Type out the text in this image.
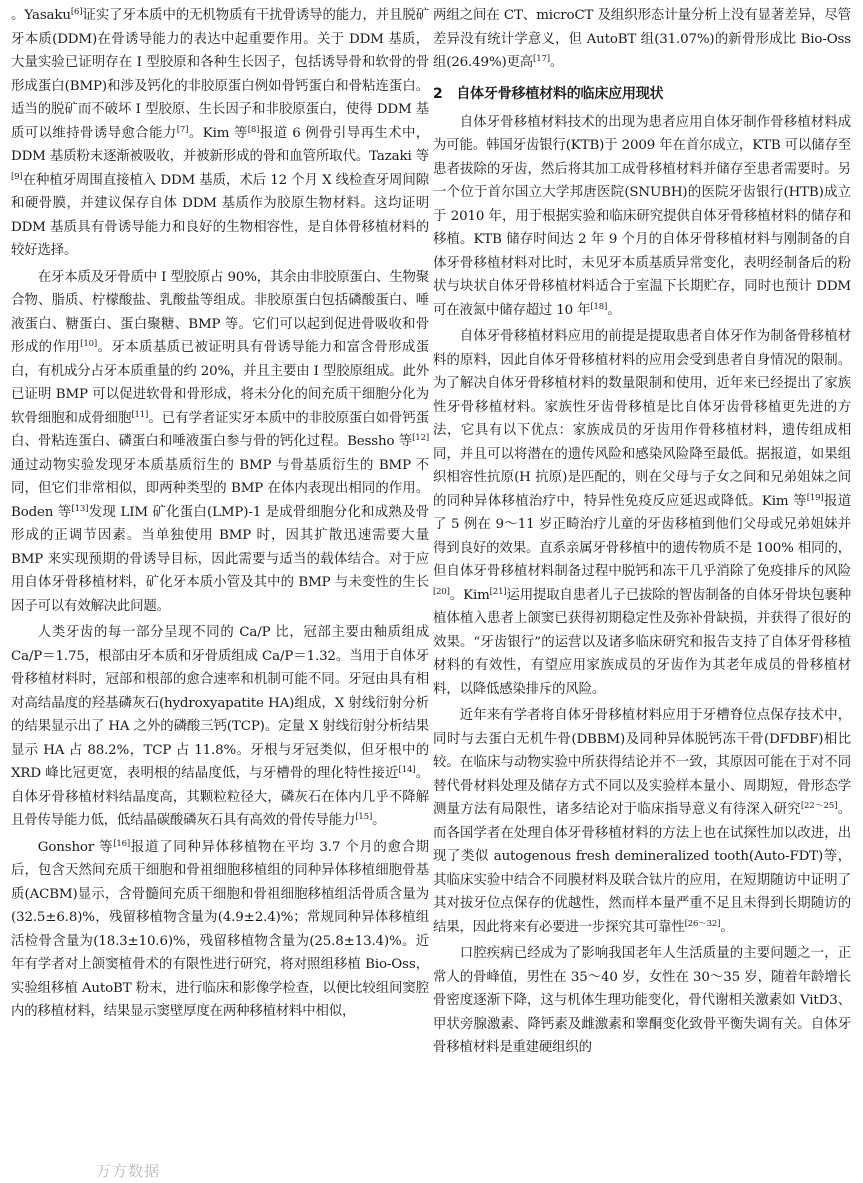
。Yasaku[6]证实了牙本质中的无机物质有干扰骨诱导的能力，并且脱矿牙本质(DDM)在骨诱导能力的表达中起重要作用。关于 DDM 基质，大量实验已证明存在 Ⅰ 型胶原和各种生长因子，包括诱导骨和软骨的骨形成蛋白(BMP)和涉及钙化的非胶原蛋白例如骨钙蛋白和骨粘连蛋白。适当的脱矿而不破坏 Ⅰ 型胶原、生长因子和非胶原蛋白，使得 DDM 基质可以维持骨诱导愈合能力[7]。Kim 等[8]报道 6 例骨引导再生术中，DDM 基质粉末逐渐被吸收，并被新形成的骨和血管所取代。Tazaki 等[9]在种植牙周围直接植入 DDM 基质，术后 12 个月 X 线检查牙周间隙和硬骨膜，并建议保存自体 DDM 基质作为胶原生物材料。这均证明 DDM 基质具有骨诱导能力和良好的生物相容性，是自体骨移植材料的较好选择。

在牙本质及牙骨质中 Ⅰ 型胶原占 90%，其余由非胶原蛋白、生物聚合物、脂质、柠檬酸盐、乳酸盐等组成。非胶原蛋白包括磷酸蛋白、唾液蛋白、糖蛋白、蛋白聚糖、BMP 等。它们可以起到促进骨吸收和骨形成的作用[10]。牙本质基质已被证明具有骨诱导能力和富含骨形成蛋白，有机成分占牙本质重量的约 20%，并且主要由 Ⅰ 型胶原组成。此外已证明 BMP 可以促进软骨和骨形成，将未分化的间充质干细胞分化为软骨细胞和成骨细胞[11]。已有学者证实牙本质中的非胶原蛋白如骨钙蛋白、骨粘连蛋白、磷蛋白和唾液蛋白参与骨的钙化过程。Bessho 等[12]通过动物实验发现牙本质基质衍生的 BMP 与骨基质衍生的 BMP 不同，但它们非常相似，即两种类型的 BMP 在体内表现出相同的作用。Boden 等[13]发现 LIM 矿化蛋白(LMP)-1 是成骨细胞分化和成熟及骨形成的正调节因素。当单独使用 BMP 时，因其扩散迅速需要大量 BMP 来实现预期的骨诱导目标，因此需要与适当的载体结合。对于应用自体牙骨移植材料，矿化牙本质小管及其中的 BMP 与未变性的生长因子可以有效解决此问题。

人类牙齿的每一部分呈现不同的 Ca/P 比，冠部主要由釉质组成 Ca/P＝1.75，根部由牙本质和牙骨质组成 Ca/P＝1.32。当用于自体牙骨移植材料时，冠部和根部的愈合速率和机制可能不同。牙冠由具有相对高结晶度的羟基磷灰石(hydroxyapatite HA)组成，X 射线衍射分析的结果显示出了 HA 之外的磷酸三钙(TCP)。定量 X 射线衍射分析结果显示 HA 占 88.2%，TCP 占 11.8%。牙根与牙冠类似，但牙根中的 XRD 峰比冠更宽，表明根的结晶度低，与牙槽骨的理化特性接近[14]。自体牙骨移植材料结晶度高，其颗粒粒径大，磷灰石在体内几乎不降解且骨传导能力低，低结晶碳酸磷灰石具有高效的骨传导能力[15]。

Gonshor 等[16]报道了同种异体移植物在平均 3.7 个月的愈合期后，包含天然间充质干细胞和骨祖细胞移植组的同种异体移植细胞骨基质(ACBM)显示，含骨髓间充质干细胞和骨祖细胞移植组活骨质含量为(32.5±6.8)%，残留移植物含量为(4.9±2.4)%；常规同种异体移植组活检骨含量为(18.3±10.6)%，残留移植物含量为(25.8±13.4)%。近年有学者对上颌窦植骨术的有限性进行研究，将对照组移植 Bio-Oss，实验组移植 AutoBT 粉末，进行临床和影像学检查，以便比较组间窦腔内的移植材料，结果显示窦壁厚度在两种移植材料中相似，

两组之间在 CT、microCT 及组织形态计量分析上没有显著差异，尽管差异没有统计学意义，但 AutoBT 组(31.07%)的新骨形成比 Bio-Oss 组(26.49%)更高[17]。

2　自体牙骨移植材料的临床应用现状

自体牙骨移植材料技术的出现为患者应用自体牙制作骨移植材料成为可能。韩国牙齿银行(KTB)于 2009 年在首尔成立，KTB 可以储存至患者拔除的牙齿，然后将其加工成骨移植材料并储存至患者需要时。另一个位于首尔国立大学邦唐医院(SNUBH)的医院牙齿银行(HTB)成立于 2010 年，用于根据实验和临床研究提供自体牙骨移植材料的储存和移植。KTB 储存时间达 2 年 9 个月的自体牙骨移植材料与刚制备的自体牙骨移植材料对比时，未见牙本质基质异常变化，表明经制备后的粉状与块状自体牙骨移植材料适合于室温下长期贮存，同时也预计 DDM 可在液氮中储存超过 10 年[18]。

自体牙骨移植材料应用的前提是提取患者自体牙作为制备骨移植材料的原料，因此自体牙骨移植材料的应用会受到患者自身情况的限制。为了解决自体牙骨移植材料的数量限制和使用，近年来已经提出了家族性牙骨移植材料。家族性牙齿骨移植是比自体牙齿骨移植更先进的方法，它具有以下优点：家族成员的牙齿用作骨移植材料，遗传组成相同，并且可以将潜在的遗传风险和感染风险降至最低。据报道，如果组织相容性抗原(H 抗原)是匹配的，则在父母与子女之间和兄弟姐妹之间的同种异体移植治疗中，特异性免疫反应延迟或降低。Kim 等[19]报道了 5 例在 9～11 岁正畸治疗儿童的牙齿移植到他们父母或兄弟姐妹并得到良好的效果。直系亲属牙骨移植中的遗传物质不是 100% 相同的，但自体牙骨移植材料制备过程中脱钙和冻干几乎消除了免疫排斥的风险[20]。Kim[21]运用提取自患者儿子已拔除的智齿制备的自体牙骨块包裹种植体植入患者上颌窦已获得初期稳定性及弥补骨缺损，并获得了很好的效果。“牙齿银行”的运营以及诸多临床研究和报告支持了自体牙骨移植材料的有效性，有望应用家族成员的牙齿作为其老年成员的骨移植材料，以降低感染排斥的风险。

近年来有学者将自体牙骨移植材料应用于牙槽脊位点保存技术中，同时与去蛋白无机牛骨(DBBM)及同种异体脱钙冻干骨(DFDBF)相比较。在临床与动物实验中所获得结论并不一致，其原因可能在于对不同替代骨材料处理及储存方式不同以及实验样本量小、周期短，骨形态学测量方法有局限性，诸多结论对于临床指导意义有待深入研究[22～25]。而各国学者在处理自体牙骨移植材料的方法上也在试探性加以改进，出现了类似 autogenous fresh demineralized tooth(Auto-FDT)等，其临床实验中结合不同膜材料及联合钛片的应用，在短期随访中证明了其对拔牙位点保存的优越性，然而样本量严重不足且未得到长期随访的结果，因此将来有必要进一步探究其可靠性[26～32]。

口腔疾病已经成为了影响我国老年人生活质量的主要问题之一，正常人的骨峰值，男性在 35～40 岁，女性在 30～35 岁，随着年龄增长骨密度逐渐下降，这与机体生理功能变化，骨代谢相关激素如 VitD3、甲状旁腺激素、降钙素及雌激素和睾酮变化致骨平衡失调有关。自体牙骨移植材料是重建硬组织的

万方数据
